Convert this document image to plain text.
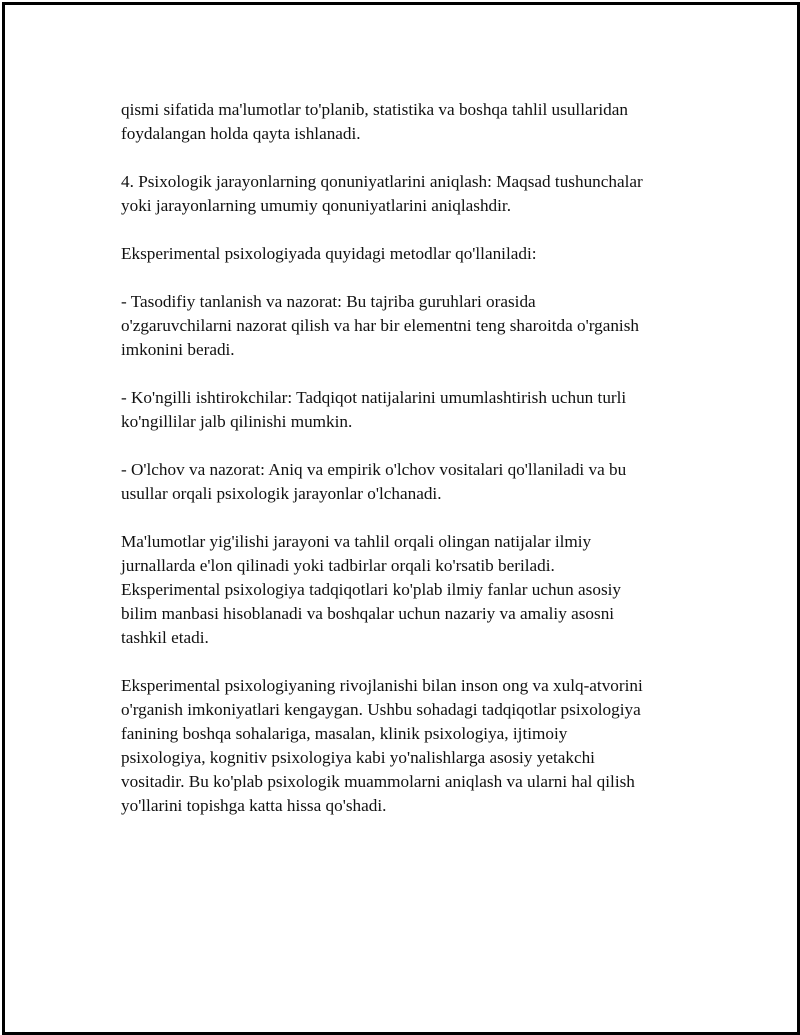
qismi sifatida ma'lumotlar to'planib, statistika va boshqa tahlil usullaridan
foydalangan holda qayta ishlanadi.

4. Psixologik jarayonlarning qonuniyatlarini aniqlash: Maqsad tushunchalar
yoki jarayonlarning umumiy qonuniyatlarini aniqlashdir.

Eksperimental psixologiyada quyidagi metodlar qo'llaniladi:

- Tasodifiy tanlanish va nazorat: Bu tajriba guruhlari orasida
o'zgaruvchilarni nazorat qilish va har bir elementni teng sharoitda o'rganish
imkonini beradi.

- Ko'ngilli ishtirokchilar: Tadqiqot natijalarini umumlashtirish uchun turli
ko'ngillilar jalb qilinishi mumkin.

- O'lchov va nazorat: Aniq va empirik o'lchov vositalari qo'llaniladi va bu
usullar orqali psixologik jarayonlar o'lchanadi.

Ma'lumotlar yig'ilishi jarayoni va tahlil orqali olingan natijalar ilmiy
jurnallarda e'lon qilinadi yoki tadbirlar orqali ko'rsatib beriladi.
Eksperimental psixologiya tadqiqotlari ko'plab ilmiy fanlar uchun asosiy
bilim manbasi hisoblanadi va boshqalar uchun nazariy va amaliy asosni
tashkil etadi.

Eksperimental psixologiyaning rivojlanishi bilan inson ong va xulq-atvorini
o'rganish imkoniyatlari kengaygan. Ushbu sohadagi tadqiqotlar psixologiya
fanining boshqa sohalariga, masalan, klinik psixologiya, ijtimoiy
psixologiya, kognitiv psixologiya kabi yo'nalishlarga asosiy yetakchi
vositadir. Bu ko'plab psixologik muammolarni aniqlash va ularni hal qilish
yo'llarini topishga katta hissa qo'shadi.
